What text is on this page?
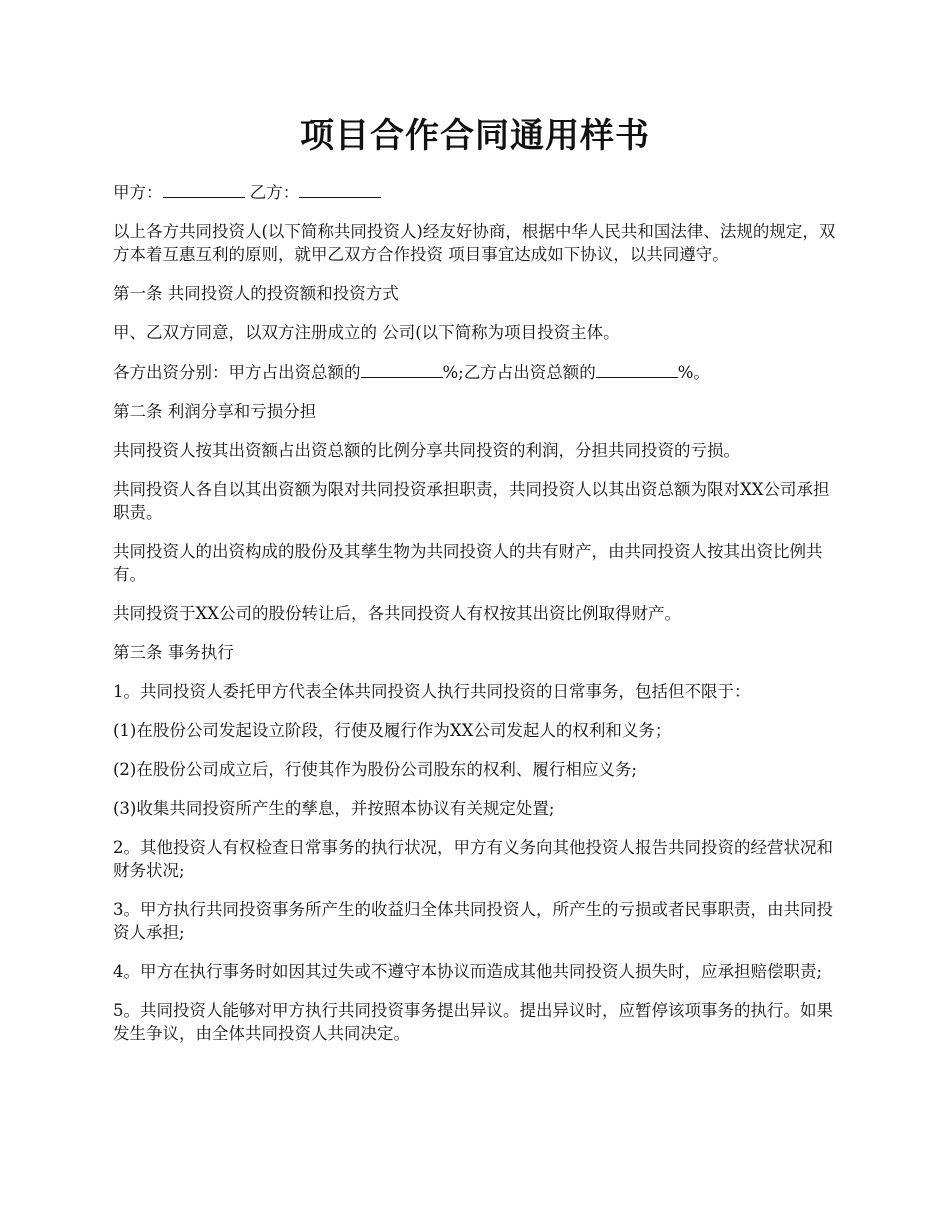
项目合作合同通用样书

甲方：	乙方：

以上各方共同投资人(以下简称共同投资人)经友好协商，根据中华人民共和国法律、法规的规定，双方本着互惠互利的原则，就甲乙双方合作投资 项目事宜达成如下协议，以共同遵守。

第一条 共同投资人的投资额和投资方式

甲、乙双方同意，以双方注册成立的 公司(以下简称为项目投资主体。

各方出资分别：甲方占出资总额的	%;乙方占出资总额的	%。

第二条 利润分享和亏损分担

共同投资人按其出资额占出资总额的比例分享共同投资的利润，分担共同投资的亏损。

共同投资人各自以其出资额为限对共同投资承担职责，共同投资人以其出资总额为限对XX公司承担职责。

共同投资人的出资构成的股份及其孳生物为共同投资人的共有财产，由共同投资人按其出资比例共有。

共同投资于XX公司的股份转让后，各共同投资人有权按其出资比例取得财产。

第三条 事务执行

1。共同投资人委托甲方代表全体共同投资人执行共同投资的日常事务，包括但不限于：

(1)在股份公司发起设立阶段，行使及履行作为XX公司发起人的权利和义务；

(2)在股份公司成立后，行使其作为股份公司股东的权利、履行相应义务;

(3)收集共同投资所产生的孳息，并按照本协议有关规定处置;

2。其他投资人有权检查日常事务的执行状况，甲方有义务向其他投资人报告共同投资的经营状况和财务状况;

3。甲方执行共同投资事务所产生的收益归全体共同投资人，所产生的亏损或者民事职责，由共同投资人承担;

4。甲方在执行事务时如因其过失或不遵守本协议而造成其他共同投资人损失时，应承担赔偿职责;

5。共同投资人能够对甲方执行共同投资事务提出异议。提出异议时，应暂停该项事务的执行。如果发生争议，由全体共同投资人共同决定。
